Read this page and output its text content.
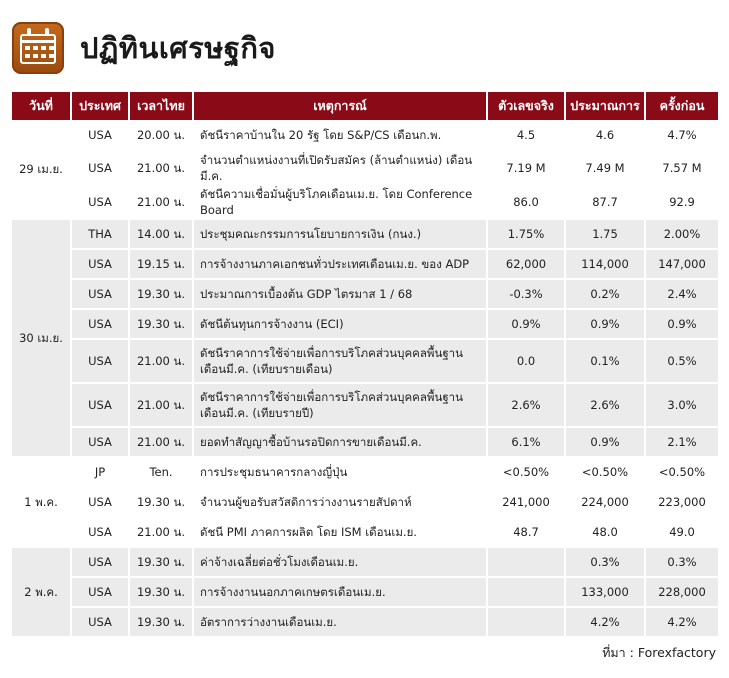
ปฏิทินเศรษฐกิจ
วันที่	ประเทศ	เวลาไทย	เหตุการณ์	ตัวเลขจริง	ประมาณการ	ครั้งก่อน
29 เม.ย.	USA	20.00 น.	ดัชนีราคาบ้านใน 20 รัฐ โดย S&P/CS เดือนก.พ.	4.5	4.6	4.7%
	USA	21.00 น.	จำนวนตำแหน่งงานที่เปิดรับสมัคร (ล้านตำแหน่ง) เดือนมี.ค.	7.19 M	7.49 M	7.57 M
	USA	21.00 น.	ดัชนีความเชื่อมั่นผู้บริโภคเดือนเม.ย. โดย Conference Board	86.0	87.7	92.9
30 เม.ย.	THA	14.00 น.	ประชุมคณะกรรมการนโยบายการเงิน (กนง.)	1.75%	1.75	2.00%
	USA	19.15 น.	การจ้างงานภาคเอกชนทั่วประเทศเดือนเม.ย. ของ ADP	62,000	114,000	147,000
	USA	19.30 น.	ประมาณการเบื้องต้น GDP ไตรมาส 1 / 68	-0.3%	0.2%	2.4%
	USA	19.30 น.	ดัชนีต้นทุนการจ้างงาน (ECI)	0.9%	0.9%	0.9%
	USA	21.00 น.	ดัชนีราคาการใช้จ่ายเพื่อการบริโภคส่วนบุคคลพื้นฐาน เดือนมี.ค. (เทียบรายเดือน)	0.0	0.1%	0.5%
	USA	21.00 น.	ดัชนีราคาการใช้จ่ายเพื่อการบริโภคส่วนบุคคลพื้นฐาน เดือนมี.ค. (เทียบรายปี)	2.6%	2.6%	3.0%
	USA	21.00 น.	ยอดทำสัญญาซื้อบ้านรอปิดการขายเดือนมี.ค.	6.1%	0.9%	2.1%
1 พ.ค.	JP	Ten.	การประชุมธนาคารกลางญี่ปุ่น	<0.50%	<0.50%	<0.50%
	USA	19.30 น.	จำนวนผู้ขอรับสวัสดิการว่างงานรายสัปดาห์	241,000	224,000	223,000
	USA	21.00 น.	ดัชนี PMI ภาคการผลิต โดย ISM เดือนเม.ย.	48.7	48.0	49.0
2 พ.ค.	USA	19.30 น.	ค่าจ้างเฉลี่ยต่อชั่วโมงเดือนเม.ย.		0.3%	0.3%
	USA	19.30 น.	การจ้างงานนอกภาคเกษตรเดือนเม.ย.		133,000	228,000
	USA	19.30 น.	อัตราการว่างงานเดือนเม.ย.		4.2%	4.2%
ที่มา : Forexfactory
